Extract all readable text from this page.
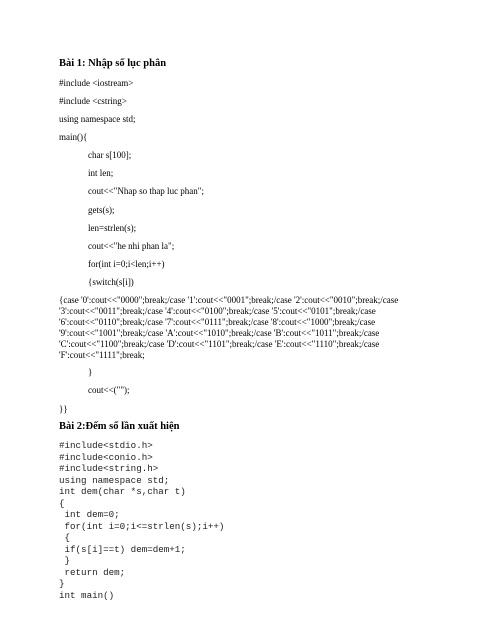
Bài 1: Nhập số lục phân
#include <iostream>
#include <cstring>
using namespace std;
main(){
char s[100];
int len;
cout<<"Nhap so thap luc phan";
gets(s);
len=strlen(s);
cout<<"he nhi phan la";
for(int i=0;i<len;i++)
{switch(s[i])
{case '0':cout<<"0000";break;/case '1':cout<<"0001";break;/case '2':cout<<"0010";break;/case
'3':cout<<"0011";break;/case '4':cout<<"0100";break;/case '5':cout<<"0101";break;/case
'6':cout<<"0110";break;/case '7':cout<<"0111";break;/case '8':cout<<"1000";break;/case
'9':cout<<"1001";break;/case 'A':cout<<"1010";break;/case 'B':cout<<"1011";break;/case
'C':cout<<"1100";break;/case 'D':cout<<"1101";break;/case 'E':cout<<"1110";break;/case
'F':cout<<"1111";break;
}
cout<<("");
}}
Bài 2:Đếm số lần xuất hiện
#include<stdio.h>
#include<conio.h>
#include<string.h>
using namespace std;
int dem(char *s,char t)
{
int dem=0;
for(int i=0;i<=strlen(s);i++)
{
if(s[i]==t) dem=dem+1;
}
return dem;
}
int main()
